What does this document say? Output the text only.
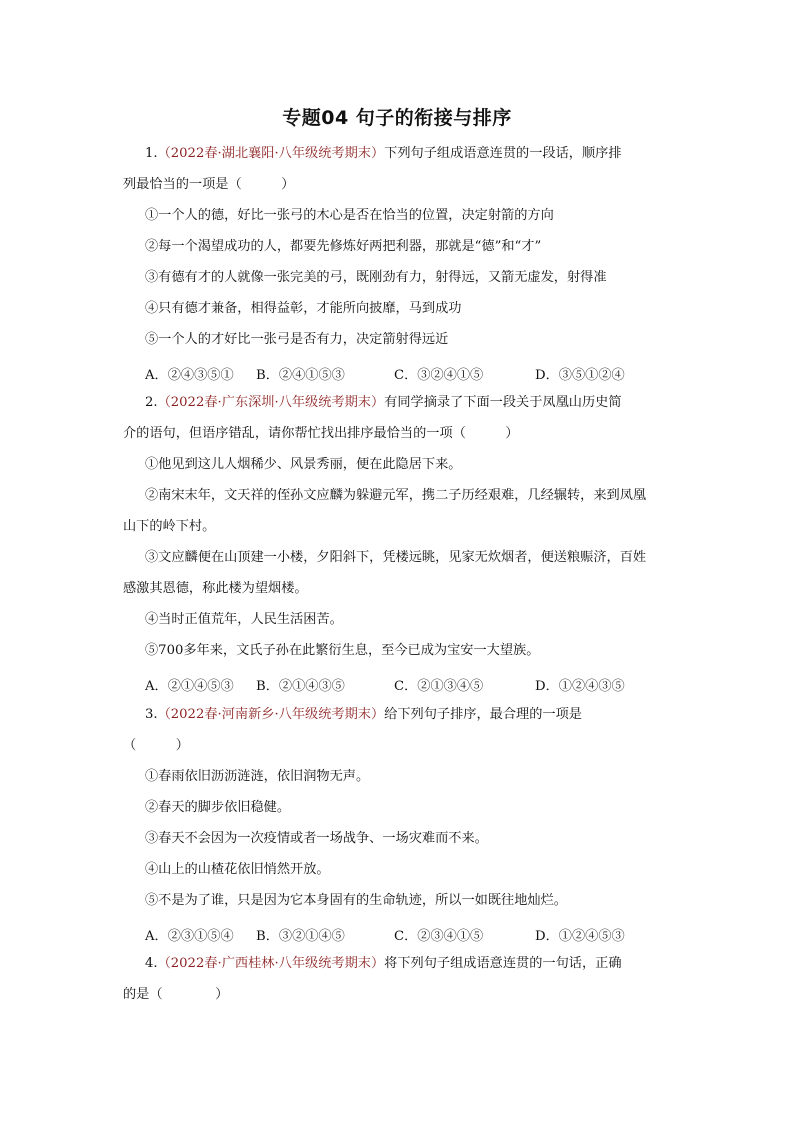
专题04 句子的衔接与排序
1.（2022春·湖北襄阳·八年级统考期末）下列句子组成语意连贯的一段话，顺序排
列最恰当的一项是（　　　）
①一个人的德，好比一张弓的木心是否在恰当的位置，决定射箭的方向
②每一个渴望成功的人，都要先修炼好两把利器，那就是“德”和“才”
③有德有才的人就像一张完美的弓，既刚劲有力，射得远，又箭无虚发，射得准
④只有德才兼备，相得益彰，才能所向披靡，马到成功
⑤一个人的才好比一张弓是否有力，决定箭射得远近
A．②④③⑤① B．②④①⑤③	C．③②④①⑤	D．③⑤①②④
2.（2022春·广东深圳·八年级统考期末）有同学摘录了下面一段关于凤凰山历史简
介的语句，但语序错乱，请你帮忙找出排序最恰当的一项（　　　）
①他见到这儿人烟稀少、风景秀丽，便在此隐居下来。
②南宋末年，文天祥的侄孙文应麟为躲避元军，携二子历经艰难，几经辗转，来到凤凰
山下的岭下村。
③文应麟便在山顶建一小楼，夕阳斜下，凭楼远眺，见家无炊烟者，便送粮赈济，百姓
感激其恩德，称此楼为望烟楼。
④当时正值荒年，人民生活困苦。
⑤700多年来，文氏子孙在此繁衍生息，至今已成为宝安一大望族。
A．②①④⑤③ B．②①④③⑤	C．②①③④⑤	D．①②④③⑤
3.（2022春·河南新乡·八年级统考期末）给下列句子排序，最合理的一项是
（　　　）
①春雨依旧沥沥涟涟，依旧润物无声。
②春天的脚步依旧稳健。
③春天不会因为一次疫情或者一场战争、一场灾难而不来。
④山上的山楂花依旧悄然开放。
⑤不是为了谁，只是因为它本身固有的生命轨迹，所以一如既往地灿烂。
A．②③①⑤④ B．③②①④⑤	C．②③④①⑤	D．①②④⑤③
4.（2022春·广西桂林·八年级统考期末）将下列句子组成语意连贯的一句话，正确
的是（　　　　）
